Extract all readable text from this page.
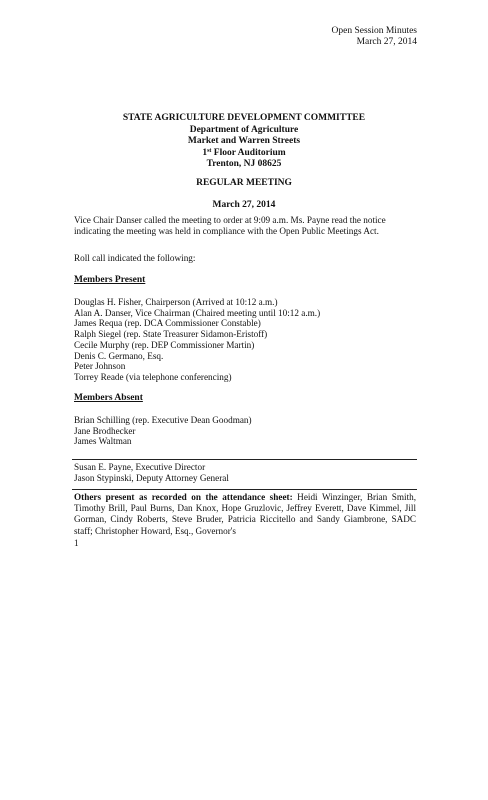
Open Session Minutes
March 27, 2014
STATE AGRICULTURE DEVELOPMENT COMMITTEE
Department of Agriculture
Market and Warren Streets
1st Floor Auditorium
Trenton, NJ 08625
REGULAR MEETING
March 27, 2014
Vice Chair Danser called the meeting to order at 9:09 a.m. Ms. Payne read the notice indicating the meeting was held in compliance with the Open Public Meetings Act.
Roll call indicated the following:
Members Present
Douglas H. Fisher, Chairperson (Arrived at 10:12 a.m.)
Alan A. Danser, Vice Chairman (Chaired meeting until 10:12 a.m.)
James Requa (rep. DCA Commissioner Constable)
Ralph Siegel (rep. State Treasurer Sidamon-Eristoff)
Cecile Murphy (rep. DEP Commissioner Martin)
Denis C. Germano, Esq.
Peter Johnson
Torrey Reade (via telephone conferencing)
Members Absent
Brian Schilling (rep. Executive Dean Goodman)
Jane Brodhecker
James Waltman
Susan E. Payne, Executive Director
Jason Stypinski, Deputy Attorney General
Others present as recorded on the attendance sheet: Heidi Winzinger, Brian Smith, Timothy Brill, Paul Burns, Dan Knox, Hope Gruzlovic, Jeffrey Everett, Dave Kimmel, Jill Gorman, Cindy Roberts, Steve Bruder, Patricia Riccitello and Sandy Giambrone, SADC staff; Christopher Howard, Esq., Governor's
1
